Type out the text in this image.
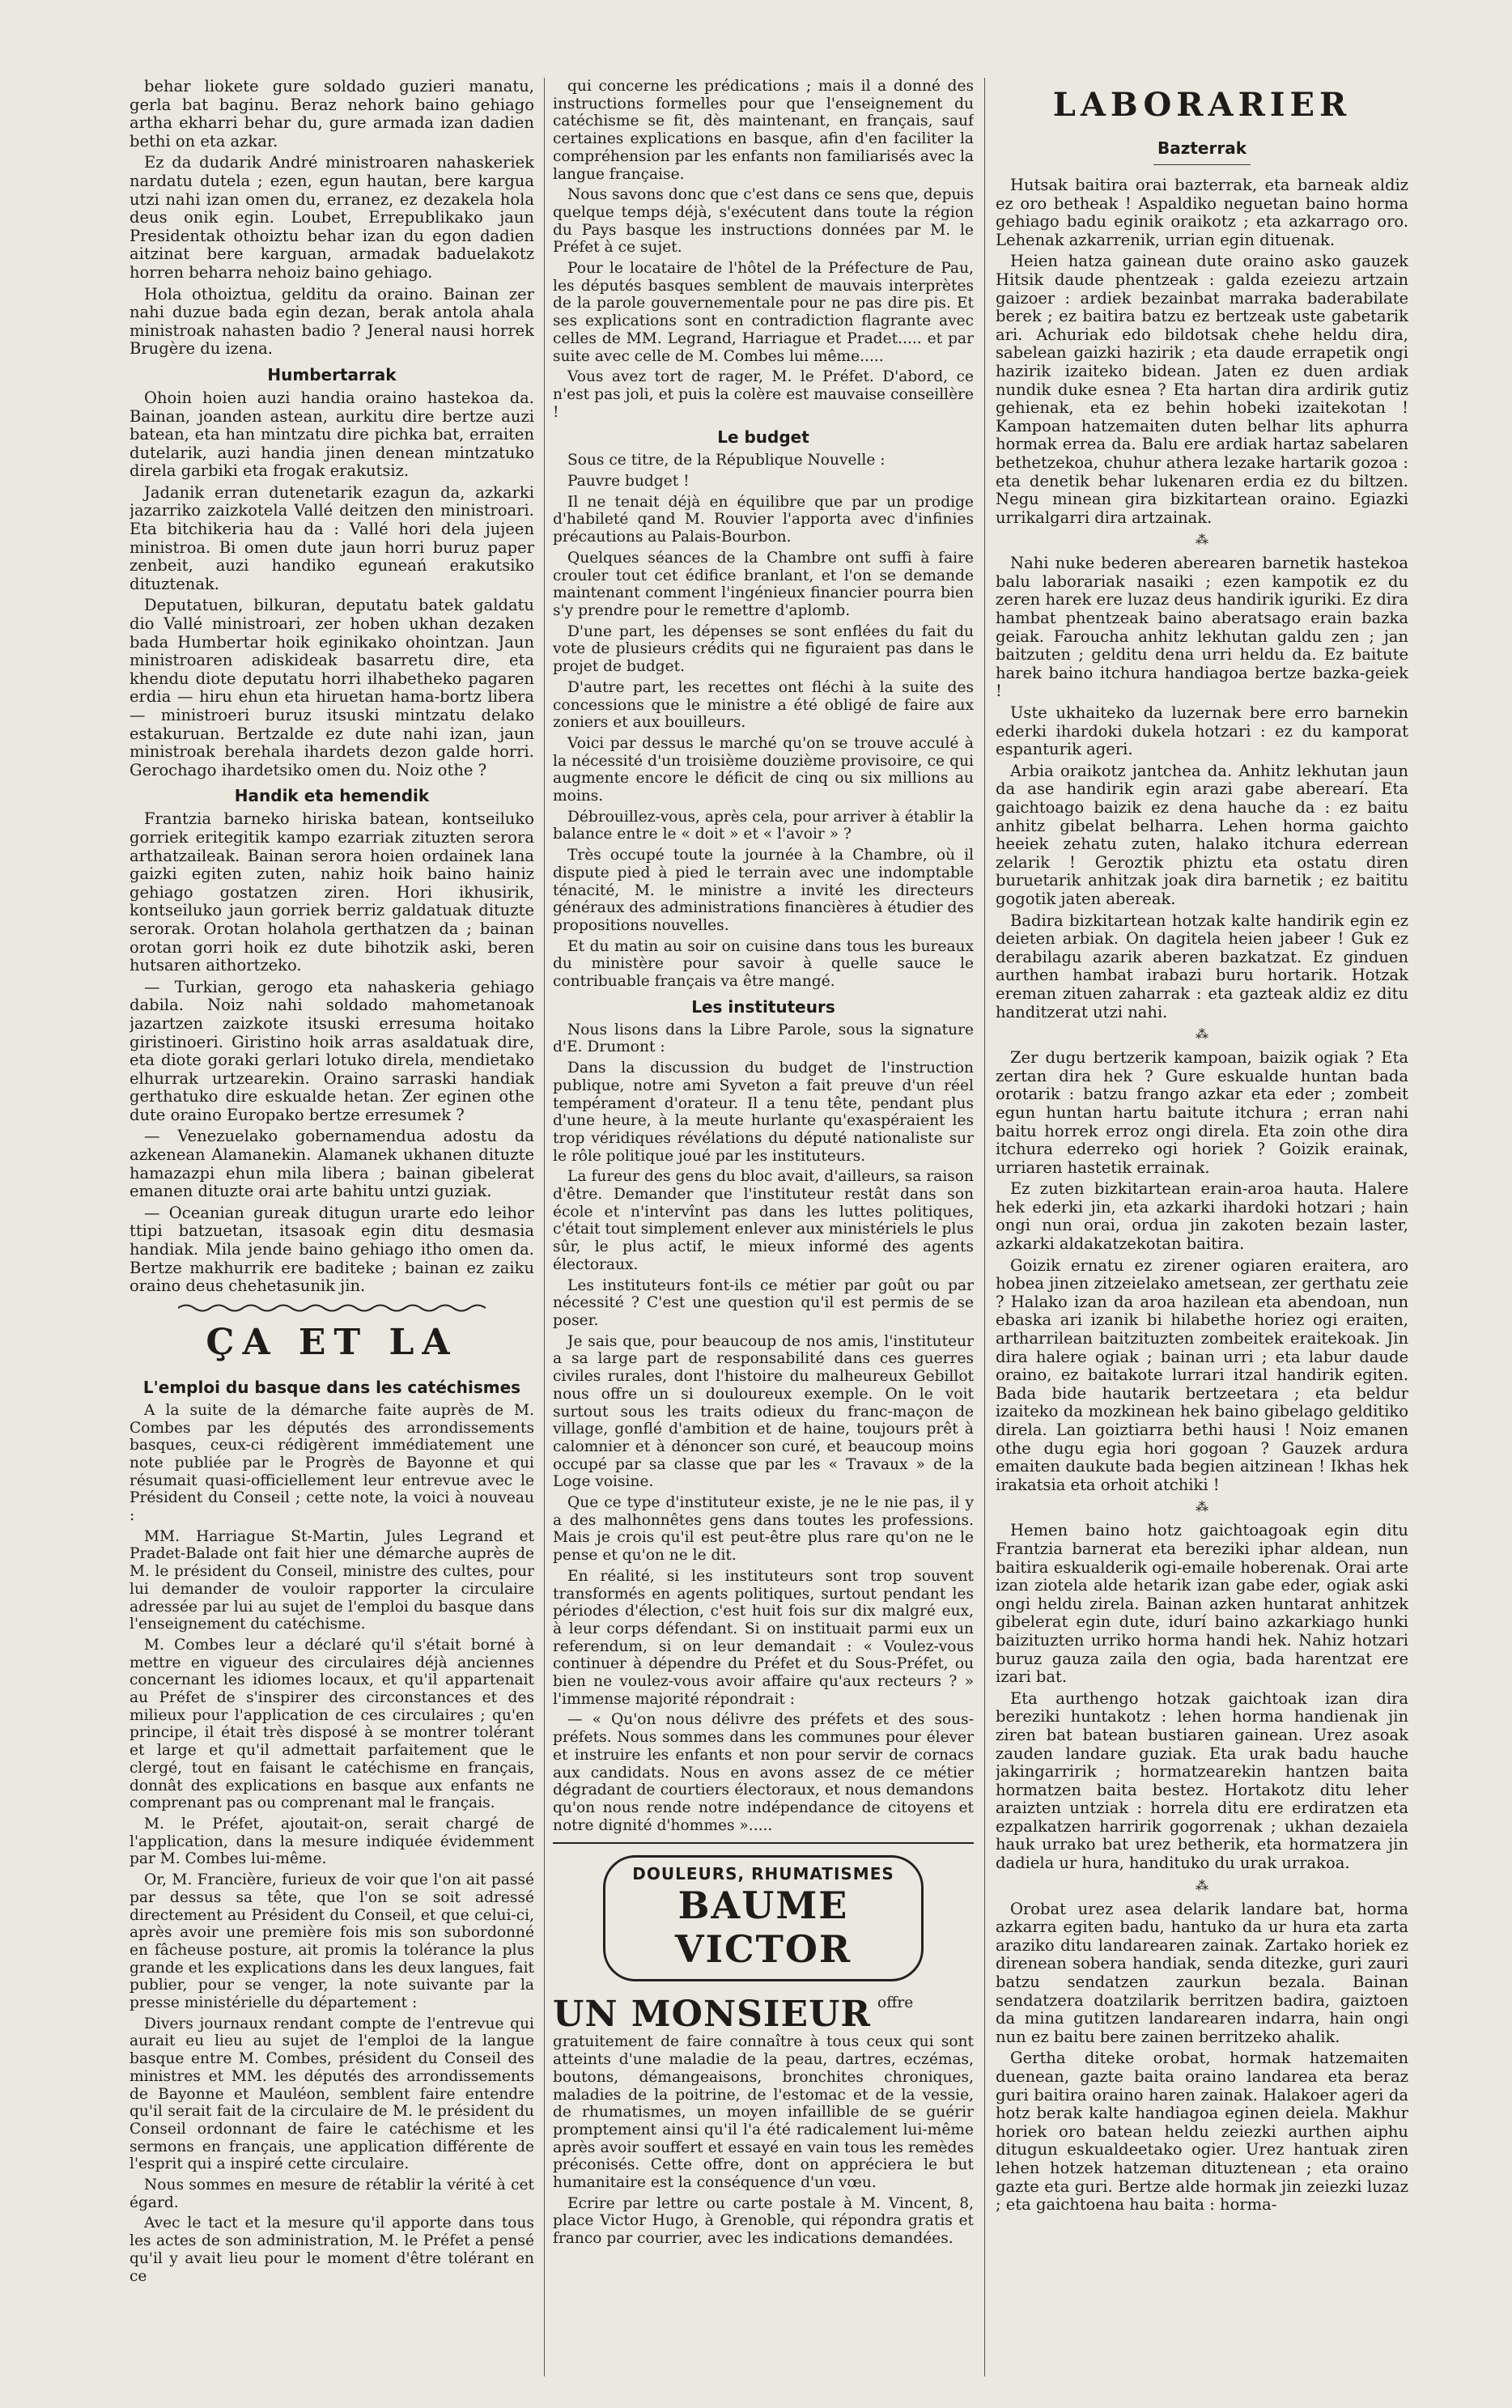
behar liokete gure soldado guzieri manatu, gerla bat baginu. Beraz nehork baino gehiago artha ekharri behar du, gure armada izan dadien bethi on eta azkar.

Ez da dudarik André ministroaren nahaskeriek nardatu dutela ; ezen, egun hautan, bere kargua utzi nahi izan omen du, erranez, ez dezakela hola deus onik egin. Loubet, Errepublikako jaun Presidentak othoiztu behar izan du egon dadien aitzinat bere karguan, armadak baduelakotz horren beharra nehoiz baino gehiago.

Hola othoiztua, gelditu da oraino. Bainan zer nahi duzue bada egin dezan, berak antola ahala ministroak nahasten badio ? Jeneral nausi horrek Brugère du izena.

Humbertarrak

Ohoin hoien auzi handia oraino hastekoa da. Bainan, joanden astean, aurkitu dire bertze auzi batean, eta han mintzatu dire pichka bat, erraiten dutelarik, auzi handia jinen denean mintzatuko direla garbiki eta frogak erakutsiz.

Jadanik erran dutenetarik ezagun da, azkarki jazarriko zaizkotela Vallé deitzen den ministroari. Eta bitchikeria hau da : Vallé hori dela jujeen ministroa. Bi omen dute jaun horri buruz paper zenbeit, auzi handiko eguneań erakutsiko dituztenak.

Deputatuen, bilkuran, deputatu batek galdatu dio Vallé ministroari, zer hoben ukhan dezaken bada Humbertar hoik eginikako ohointzan. Jaun ministroaren adiskideak basarretu dire, eta khendu diote deputatu horri ilhabetheko pagaren erdia — hiru ehun eta hiruetan hama-bortz libera — ministroeri buruz itsuski mintzatu delako estakuruan. Bertzalde ez dute nahi izan, jaun ministroak berehala ihardets dezon galde horri. Gerochago ihardetsiko omen du. Noiz othe ?

Handik eta hemendik

Frantzia barneko hiriska batean, kontseiluko gorriek eritegitik kampo ezarriak zituzten serora arthatzaileak. Bainan serora hoien ordainek lana gaizki egiten zuten, nahiz hoik baino hainiz gehiago gostatzen ziren. Hori ikhusirik, kontseiluko jaun gorriek berriz galdatuak dituzte serorak. Orotan holahola gerthatzen da ; bainan orotan gorri hoik ez dute bihotzik aski, beren hutsaren aithortzeko.

— Turkian, gerogo eta nahaskeria gehiago dabila. Noiz nahi soldado mahometanoak jazartzen zaizkote itsuski erresuma hoitako giristinoeri. Giristino hoik arras asaldatuak dire, eta diote goraki gerlari lotuko direla, mendietako elhurrak urtzearekin. Oraino sarraski handiak gerthatuko dire eskualde hetan. Zer eginen othe dute oraino Europako bertze erresumek ?

— Venezuelako gobernamendua adostu da azkenean Alamanekin. Alamanek ukhanen dituzte hamazazpi ehun mila libera ; bainan gibelerat emanen dituzte orai arte bahitu untzi guziak.

— Oceanian gureak ditugun urarte edo leihor ttipi batzuetan, itsasoak egin ditu desmasia handiak. Mila jende baino gehiago itho omen da. Bertze makhurrik ere baditeke ; bainan ez zaiku oraino deus chehetasunik jin.

ÇA ET LA
L'emploi du basque dans les catéchismes

A la suite de la démarche faite auprès de M. Combes par les députés des arrondissements basques, ceux-ci rédigèrent immédiatement une note publiée par le Progrès de Bayonne et qui résumait quasi-officiellement leur entrevue avec le Président du Conseil ; cette note, la voici à nouveau :

MM. Harriague St-Martin, Jules Legrand et Pradet-Balade ont fait hier une démarche auprès de M. le président du Conseil, ministre des cultes, pour lui demander de vouloir rapporter la circulaire adressée par lui au sujet de l'emploi du basque dans l'enseignement du catéchisme.

M. Combes leur a déclaré qu'il s'était borné à mettre en vigueur des circulaires déjà anciennes concernant les idiomes locaux, et qu'il appartenait au Préfet de s'inspirer des circonstances et des milieux pour l'application de ces circulaires ; qu'en principe, il était très disposé à se montrer tolérant et large et qu'il admettait parfaitement que le clergé, tout en faisant le catéchisme en français, donnât des explications en basque aux enfants ne comprenant pas ou comprenant mal le français.

M. le Préfet, ajoutait-on, serait chargé de l'application, dans la mesure indiquée évidemment par M. Combes lui-même.

Or, M. Francière, furieux de voir que l'on ait passé par dessus sa tête, que l'on se soit adressé directement au Président du Conseil, et que celui-ci, après avoir une première fois mis son subordonné en fâcheuse posture, ait promis la tolérance la plus grande et les explications dans les deux langues, fait publier, pour se venger, la note suivante par la presse ministérielle du département :

Divers journaux rendant compte de l'entrevue qui aurait eu lieu au sujet de l'emploi de la langue basque entre M. Combes, président du Conseil des ministres et MM. les députés des arrondissements de Bayonne et Mauléon, semblent faire entendre qu'il serait fait de la circulaire de M. le président du Conseil ordonnant de faire le catéchisme et les sermons en français, une application différente de l'esprit qui a inspiré cette circulaire.

Nous sommes en mesure de rétablir la vérité à cet égard.

Avec le tact et la mesure qu'il apporte dans tous les actes de son administration, M. le Préfet a pensé qu'il y avait lieu pour le moment d'être tolérant en ce

qui concerne les prédications ; mais il a donné des instructions formelles pour que l'enseignement du catéchisme se fit, dès maintenant, en français, sauf certaines explications en basque, afin d'en faciliter la compréhension par les enfants non familiarisés avec la langue française.

Nous savons donc que c'est dans ce sens que, depuis quelque temps déjà, s'exécutent dans toute la région du Pays basque les instructions données par M. le Préfet à ce sujet.

Pour le locataire de l'hôtel de la Préfecture de Pau, les députés basques semblent de mauvais interprètes de la parole gouvernementale pour ne pas dire pis. Et ses explications sont en contradiction flagrante avec celles de MM. Legrand, Harriague et Pradet..... et par suite avec celle de M. Combes lui même.....

Vous avez tort de rager, M. le Préfet. D'abord, ce n'est pas joli, et puis la colère est mauvaise conseillère !

Le budget

Sous ce titre, de la République Nouvelle :

Pauvre budget !

Il ne tenait déjà en équilibre que par un prodige d'habileté qand M. Rouvier l'apporta avec d'infinies précautions au Palais-Bourbon.

Quelques séances de la Chambre ont suffi à faire crouler tout cet édifice branlant, et l'on se demande maintenant comment l'ingénieux financier pourra bien s'y prendre pour le remettre d'aplomb.

D'une part, les dépenses se sont enflées du fait du vote de plusieurs crédits qui ne figuraient pas dans le projet de budget.

D'autre part, les recettes ont fléchi à la suite des concessions que le ministre a été obligé de faire aux zoniers et aux bouilleurs.

Voici par dessus le marché qu'on se trouve acculé à la nécessité d'un troisième douzième provisoire, ce qui augmente encore le déficit de cinq ou six millions au moins.

Débrouillez-vous, après cela, pour arriver à établir la balance entre le « doit » et « l'avoir » ?

Très occupé toute la journée à la Chambre, où il dispute pied à pied le terrain avec une indomptable ténacité, M. le ministre a invité les directeurs généraux des administrations financières à étudier des propositions nouvelles.

Et du matin au soir on cuisine dans tous les bureaux du ministère pour savoir à quelle sauce le contribuable français va être mangé.

Les instituteurs

Nous lisons dans la Libre Parole, sous la signature d'E. Drumont :

Dans la discussion du budget de l'instruction publique, notre ami Syveton a fait preuve d'un réel tempérament d'orateur. Il a tenu tête, pendant plus d'une heure, à la meute hurlante qu'exaspéraient les trop véridiques révélations du député nationaliste sur le rôle politique joué par les instituteurs.

La fureur des gens du bloc avait, d'ailleurs, sa raison d'être. Demander que l'instituteur restât dans son école et n'intervînt pas dans les luttes politiques, c'était tout simplement enlever aux ministériels le plus sûr, le plus actif, le mieux informé des agents électoraux.

Les instituteurs font-ils ce métier par goût ou par nécessité ? C'est une question qu'il est permis de se poser.

Je sais que, pour beaucoup de nos amis, l'instituteur a sa large part de responsabilité dans ces guerres civiles rurales, dont l'histoire du malheureux Gebillot nous offre un si douloureux exemple. On le voit surtout sous les traits odieux du franc-maçon de village, gonflé d'ambition et de haine, toujours prêt à calomnier et à dénoncer son curé, et beaucoup moins occupé par sa classe que par les « Travaux » de la Loge voisine.

Que ce type d'instituteur existe, je ne le nie pas, il y a des malhonnêtes gens dans toutes les professions. Mais je crois qu'il est peut-être plus rare qu'on ne le pense et qu'on ne le dit.

En réalité, si les instituteurs sont trop souvent transformés en agents politiques, surtout pendant les périodes d'élection, c'est huit fois sur dix malgré eux, à leur corps défendant. Si on instituait parmi eux un referendum, si on leur demandait : « Voulez-vous continuer à dépendre du Préfet et du Sous-Préfet, ou bien ne voulez-vous avoir affaire qu'aux recteurs ? » l'immense majorité répondrait :

— « Qu'on nous délivre des préfets et des sous-préfets. Nous sommes dans les communes pour élever et instruire les enfants et non pour servir de cornacs aux candidats. Nous en avons assez de ce métier dégradant de courtiers électoraux, et nous demandons qu'on nous rende notre indépendance de citoyens et notre dignité d'hommes ».....

DOULEURS, RHUMATISMES
BAUME VICTOR
UN MONSIEUR offre gratuitement de faire connaître à tous ceux qui sont atteints d'une maladie de la peau, dartres, eczémas, boutons, démangeaisons, bronchites chroniques, maladies de la poitrine, de l'estomac et de la vessie, de rhumatismes, un moyen infaillible de se guérir promptement ainsi qu'il l'a été radicalement lui-même après avoir souffert et essayé en vain tous les remèdes préconisés. Cette offre, dont on appréciera le but humanitaire est la conséquence d'un vœu.

Ecrire par lettre ou carte postale à M. Vincent, 8, place Victor Hugo, à Grenoble, qui répondra gratis et franco par courrier, avec les indications demandées.

LABORARIER
Bazterrak

Hutsak baitira orai bazterrak, eta barneak aldiz ez oro betheak ! Aspaldiko neguetan baino horma gehiago badu eginik oraikotz ; eta azkarrago oro. Lehenak azkarrenik, urrian egin dituenak.

Heien hatza gainean dute oraino asko gauzek Hitsik daude phentzeak : galda ezeiezu artzain gaizoer : ardiek bezainbat marraka baderabilate berek ; ez baitira batzu ez bertzeak uste gabetarik ari. Achuriak edo bildotsak chehe heldu dira, sabelean gaizki hazirik ; eta daude errapetik ongi hazirik izaiteko bidean. Jaten ez duen ardiak nundik duke esnea ? Eta hartan dira ardirik gutiz gehienak, eta ez behin hobeki izaitekotan ! Kampoan hatzemaiten duten belhar lits aphurra hormak errea da. Balu ere ardiak hartaz sabelaren bethetzekoa, chuhur athera lezake hartarik gozoa : eta denetik behar lukenaren erdia ez du biltzen. Negu minean gira bizkitartean oraino. Egiazki urrikalgarri dira artzainak.

⁂

Nahi nuke bederen aberearen barnetik hastekoa balu laborariak nasaiki ; ezen kampotik ez du zeren harek ere luzaz deus handirik iguriki. Ez dira hambat phentzeak baino aberatsago erain bazka geiak. Faroucha anhitz lekhutan galdu zen ; jan baitzuten ; gelditu dena urri heldu da. Ez baitute harek baino itchura handiagoa bertze bazka-geiek !

Uste ukhaiteko da luzernak bere erro barnekin ederki ihardoki dukela hotzari : ez du kamporat espanturik ageri.

Arbia oraikotz jantchea da. Anhitz lekhutan jaun da ase handirik egin arazi gabe aberearí. Eta gaichtoago baizik ez dena hauche da : ez baitu anhitz gibelat belharra. Lehen horma gaichto heeiek zehatu zuten, halako itchura ederrean zelarik ! Geroztik phiztu eta ostatu diren buruetarik anhitzak joak dira barnetik ; ez baititu gogotik jaten abereak.

Badira bizkitartean hotzak kalte handirik egin ez deieten arbiak. On dagitela heien jabeer ! Guk ez derabilagu azarik aberen bazkatzat. Ez ginduen aurthen hambat irabazi buru hortarik. Hotzak ereman zituen zaharrak : eta gazteak aldiz ez ditu handitzerat utzi nahi.

⁂

Zer dugu bertzerik kampoan, baizik ogiak ? Eta zertan dira hek ? Gure eskualde huntan bada orotarik : batzu frango azkar eta eder ; zombeit egun huntan hartu baitute itchura ; erran nahi baitu horrek erroz ongi direla. Eta zoin othe dira itchura ederreko ogi horiek ? Goizik erainak, urriaren hastetik errainak.

Ez zuten bizkitartean erain-aroa hauta. Halere hek ederki jin, eta azkarki ihardoki hotzari ; hain ongi nun orai, ordua jin zakoten bezain laster, azkarki aldakatzekotan baitira.

Goizik ernatu ez zirener ogiaren eraitera, aro hobea jinen zitzeielako ametsean, zer gerthatu zeie ? Halako izan da aroa hazilean eta abendoan, nun ebaska ari izanik bi hilabethe horiez ogi eraiten, artharrilean baitzituzten zombeitek eraitekoak. Jin dira halere ogiak ; bainan urri ; eta labur daude oraino, ez baitakote lurrari itzal handirik egiten. Bada bide hautarik bertzeetara ; eta beldur izaiteko da mozkinean hek baino gibelago gelditiko direla. Lan goiztiarra bethi hausi ! Noiz emanen othe dugu egia hori gogoan ? Gauzek ardura emaiten daukute bada begien aitzinean ! Ikhas hek irakatsia eta orhoit atchiki !

⁂

Hemen baino hotz gaichtoagoak egin ditu Frantzia barnerat eta bereziki iphar aldean, nun baitira eskualderik ogi-emaile hoberenak. Orai arte izan ziotela alde hetarik izan gabe eder, ogiak aski ongi heldu zirela. Bainan azken huntarat anhitzek gibelerat egin dute, idurí baino azkarkiago hunki baizituzten urriko horma handi hek. Nahiz hotzari buruz gauza zaila den ogia, bada harentzat ere izari bat.

Eta aurthengo hotzak gaichtoak izan dira bereziki huntakotz : lehen horma handienak jin ziren bat batean bustiaren gainean. Urez asoak zauden landare guziak. Eta urak badu hauche jakingarririk ; hormatzearekin hantzen baita hormatzen baita bestez. Hortakotz ditu leher araizten untziak : horrela ditu ere erdiratzen eta ezpalkatzen harririk gogorrenak ; ukhan dezaiela hauk urrako bat urez betherik, eta hormatzera jin dadiela ur hura, handituko du urak urrakoa.

⁂

Orobat urez asea delarik landare bat, horma azkarra egiten badu, hantuko da ur hura eta zarta araziko ditu landarearen zainak. Zartako horiek ez direnean sobera handiak, senda ditezke, guri zauri batzu sendatzen zaurkun bezala. Bainan sendatzera doatzilarik berritzen badira, gaiztoen da mina gutitzen landarearen indarra, hain ongi nun ez baitu bere zainen berritzeko ahalik.

Gertha diteke orobat, hormak hatzemaiten duenean, gazte baita oraino landarea eta beraz guri baitira oraino haren zainak. Halakoer ageri da hotz berak kalte handiagoa eginen deiela. Makhur horiek oro batean heldu zeiezki aurthen aiphu ditugun eskualdeetako ogier. Urez hantuak ziren lehen hotzek hatzeman dituztenean ; eta oraino gazte eta guri. Bertze alde hormak jin zeiezki luzaz ; eta gaichtoena hau baita : horma-
